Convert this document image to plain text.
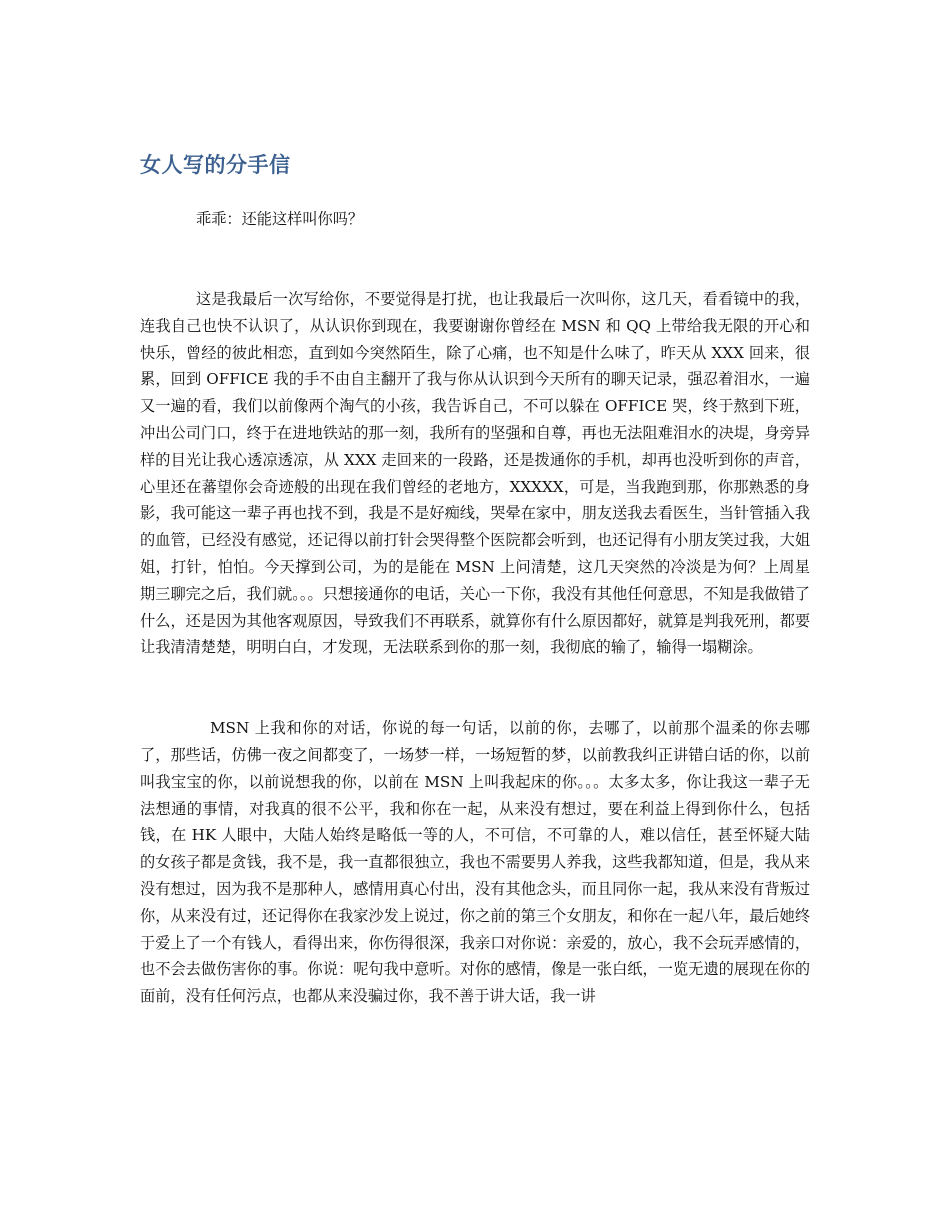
女人写的分手信

乖乖：还能这样叫你吗？

这是我最后一次写给你，不要觉得是打扰，也让我最后一次叫你，这几天，看看镜中的我，连我自己也快不认识了，从认识你到现在，我要谢谢你曾经在 MSN 和 QQ 上带给我无限的开心和快乐，曾经的彼此相恋，直到如今突然陌生，除了心痛，也不知是什么味了，昨天从 XXX 回来，很累，回到 OFFICE 我的手不由自主翻开了我与你从认识到今天所有的聊天记录，强忍着泪水，一遍又一遍的看，我们以前像两个淘气的小孩，我告诉自己，不可以躲在 OFFICE 哭，终于熬到下班，冲出公司门口，终于在进地铁站的那一刻，我所有的坚强和自尊，再也无法阻难泪水的决堤，身旁异样的目光让我心透凉透凉，从 XXX 走回来的一段路，还是拨通你的手机，却再也没听到你的声音，心里还在蕃望你会奇迹般的出现在我们曾经的老地方，XXXXX，可是，当我跑到那，你那熟悉的身影，我可能这一辈子再也找不到，我是不是好痴线，哭晕在家中，朋友送我去看医生，当针管插入我的血管，已经没有感觉，还记得以前打针会哭得整个医院都会听到，也还记得有小朋友笑过我，大姐姐，打针，怕怕。今天撑到公司，为的是能在 MSN 上问清楚，这几天突然的冷淡是为何？上周星期三聊完之后，我们就。。。只想接通你的电话，关心一下你，我没有其他任何意思，不知是我做错了什么，还是因为其他客观原因，导致我们不再联系，就算你有什么原因都好，就算是判我死刑，都要让我清清楚楚，明明白白，才发现，无法联系到你的那一刻，我彻底的输了，输得一塌糊涂。

MSN 上我和你的对话，你说的每一句话，以前的你，去哪了，以前那个温柔的你去哪了，那些话，仿佛一夜之间都变了，一场梦一样，一场短暂的梦，以前教我纠正讲错白话的你，以前叫我宝宝的你，以前说想我的你，以前在 MSN 上叫我起床的你。。。太多太多，你让我这一辈子无法想通的事情，对我真的很不公平，我和你在一起，从来没有想过，要在利益上得到你什么，包括钱，在 HK 人眼中，大陆人始终是略低一等的人，不可信，不可靠的人，难以信任，甚至怀疑大陆的女孩子都是贪钱，我不是，我一直都很独立，我也不需要男人养我，这些我都知道，但是，我从来没有想过，因为我不是那种人，感情用真心付出，没有其他念头，而且同你一起，我从来没有背叛过你，从来没有过，还记得你在我家沙发上说过，你之前的第三个女朋友，和你在一起八年，最后她终于爱上了一个有钱人，看得出来，你伤得很深，我亲口对你说：亲爱的，放心，我不会玩弄感情的，也不会去做伤害你的事。你说：呢句我中意听。对你的感情，像是一张白纸，一览无遗的展现在你的面前，没有任何污点，也都从来没骗过你，我不善于讲大话，我一讲
